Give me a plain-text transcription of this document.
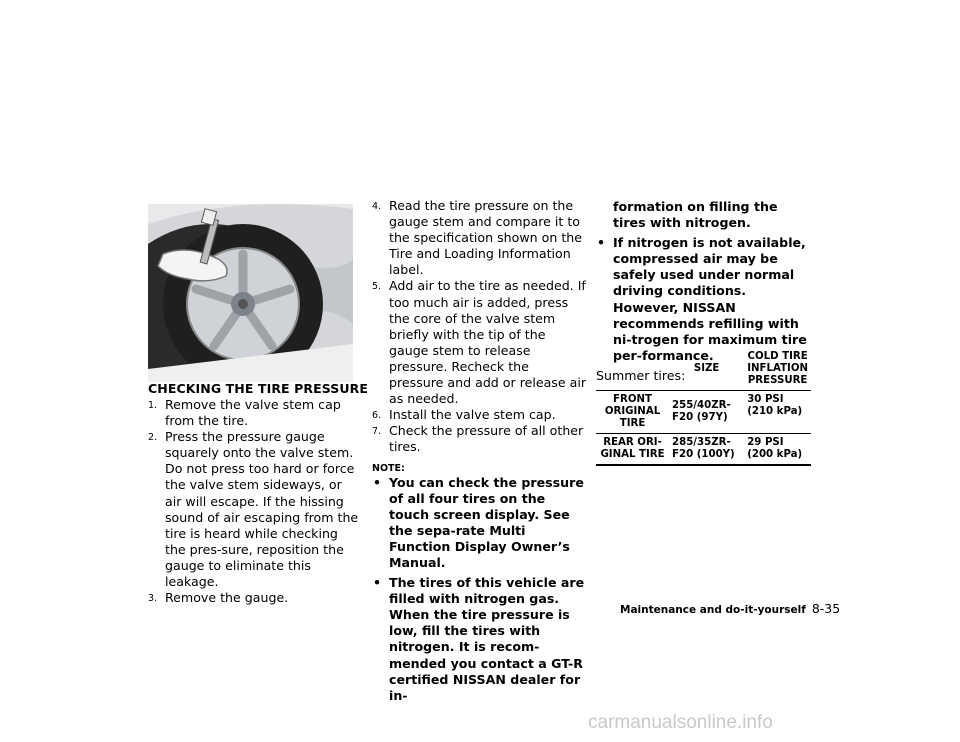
CHECKING THE TIRE PRESSURE
1. Remove the valve stem cap from the tire.
2. Press the pressure gauge squarely onto the valve stem. Do not press too hard or force the valve stem sideways, or air will escape. If the hissing sound of air escaping from the tire is heard while checking the pres-sure, reposition the gauge to eliminate this leakage.
3. Remove the gauge.
4. Read the tire pressure on the gauge stem and compare it to the specification shown on the Tire and Loading Information label.
5. Add air to the tire as needed. If too much air is added, press the core of the valve stem briefly with the tip of the gauge stem to release pressure. Recheck the pressure and add or release air as needed.
6. Install the valve stem cap.
7. Check the pressure of all other tires.
NOTE:
• You can check the pressure of all four tires on the touch screen display. See the sepa-rate Multi Function Display Owner’s Manual.
• The tires of this vehicle are filled with nitrogen gas. When the tire pressure is low, fill the tires with nitrogen. It is recom-mended you contact a GT-R certified NISSAN dealer for in-
formation on filling the tires with nitrogen.
• If nitrogen is not available, compressed air may be safely used under normal driving conditions. However, NISSAN recommends refilling with ni-trogen for maximum tire per-formance.
Summer tires:
	SIZE	COLD TIRE INFLATION PRESSURE
FRONT ORIGINAL TIRE	255/40ZR-F20 (97Y)	30 PSI (210 kPa)
REAR ORI-GINAL TIRE	285/35ZR-F20 (100Y)	29 PSI (200 kPa)
Maintenance and do-it-yourself 8-35
carmanualsonline.info
